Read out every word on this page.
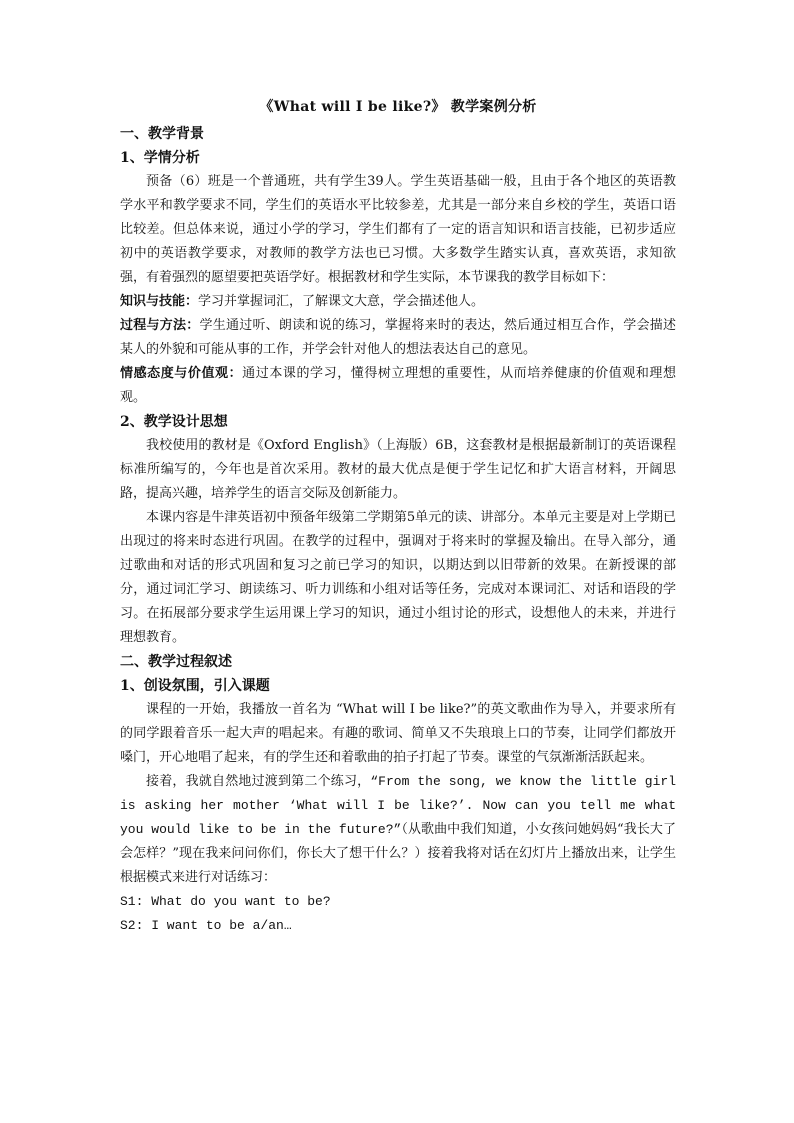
《What will I be like?》 教学案例分析
一、教学背景
1、学情分析

预备（6）班是一个普通班，共有学生39人。学生英语基础一般，且由于各个地区的英语教学水平和教学要求不同，学生们的英语水平比较参差，尤其是一部分来自乡校的学生，英语口语比较差。但总体来说，通过小学的学习，学生们都有了一定的语言知识和语言技能，已初步适应初中的英语教学要求，对教师的教学方法也已习惯。大多数学生踏实认真，喜欢英语，求知欲强，有着强烈的愿望要把英语学好。根据教材和学生实际，本节课我的教学目标如下：

知识与技能：学习并掌握词汇，了解课文大意，学会描述他人。

过程与方法：学生通过听、朗读和说的练习，掌握将来时的表达，然后通过相互合作，学会描述某人的外貌和可能从事的工作，并学会针对他人的想法表达自己的意见。

情感态度与价值观：通过本课的学习，懂得树立理想的重要性，从而培养健康的价值观和理想观。

2、教学设计思想

我校使用的教材是《Oxford English》（上海版）6B，这套教材是根据最新制订的英语课程标准所编写的，今年也是首次采用。教材的最大优点是便于学生记忆和扩大语言材料，开阔思路，提高兴趣，培养学生的语言交际及创新能力。

本课内容是牛津英语初中预备年级第二学期第5单元的读、讲部分。本单元主要是对上学期已出现过的将来时态进行巩固。在教学的过程中，强调对于将来时的掌握及输出。在导入部分，通过歌曲和对话的形式巩固和复习之前已学习的知识，以期达到以旧带新的效果。在新授课的部分，通过词汇学习、朗读练习、听力训练和小组对话等任务，完成对本课词汇、对话和语段的学习。在拓展部分要求学生运用课上学习的知识，通过小组讨论的形式，设想他人的未来，并进行理想教育。

二、教学过程叙述
1、创设氛围，引入课题

课程的一开始，我播放一首名为 “What will I be like?”的英文歌曲作为导入，并要求所有的同学跟着音乐一起大声的唱起来。有趣的歌词、简单又不失琅琅上口的节奏，让同学们都放开嗓门，开心地唱了起来，有的学生还和着歌曲的拍子打起了节奏。课堂的气氛渐渐活跃起来。

接着，我就自然地过渡到第二个练习，“From the song, we know the little girl is asking her mother ‘What will I be like?’. Now can you tell me what you would like to be in the future?”（从歌曲中我们知道，小女孩问她妈妈“我长大了会怎样？”现在我来问问你们，你长大了想干什么？）接着我将对话在幻灯片上播放出来，让学生根据模式来进行对话练习：

S1: What do you want to be?

S2: I want to be a/an…
